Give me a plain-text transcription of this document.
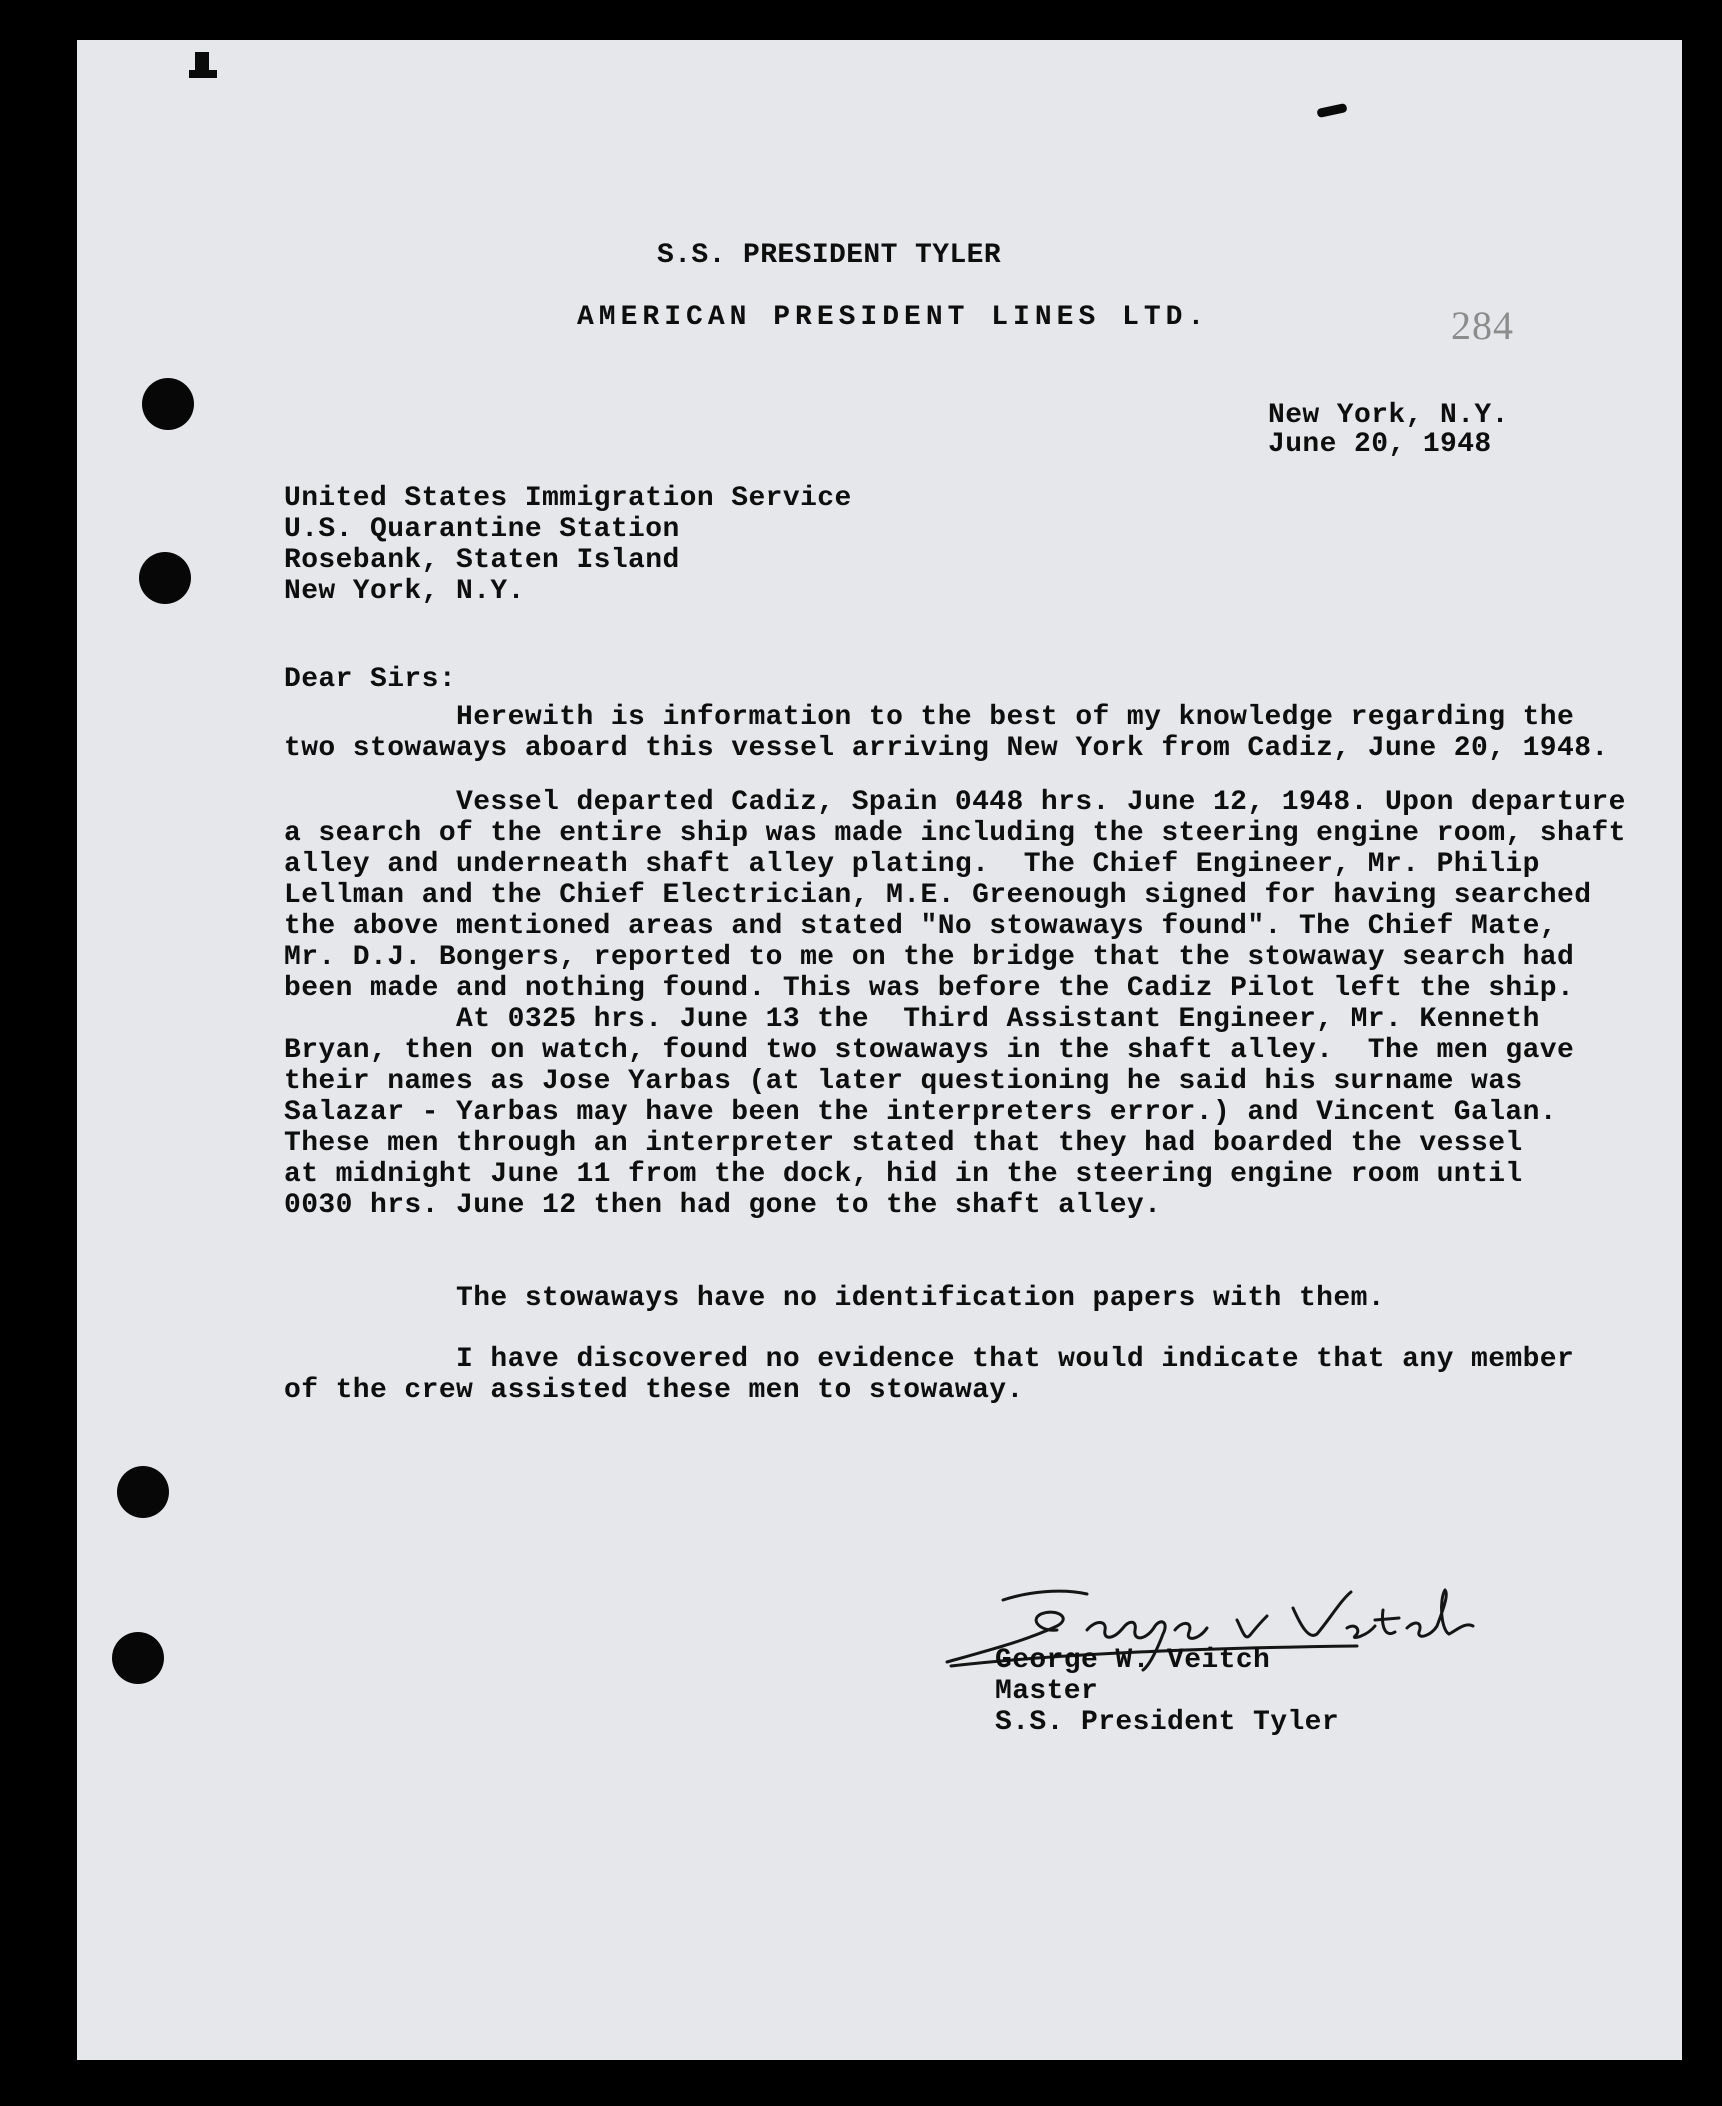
284
S.S. PRESIDENT TYLER
AMERICAN PRESIDENT LINES LTD.
New York, N.Y.
June 20, 1948
United States Immigration Service
U.S. Quarantine Station
Rosebank, Staten Island
New York, N.Y.
Dear Sirs:
Herewith is information to the best of my knowledge regarding the
two stowaways aboard this vessel arriving New York from Cadiz, June 20, 1948.
Vessel departed Cadiz, Spain 0448 hrs. June 12, 1948. Upon departure
a search of the entire ship was made including the steering engine room, shaft
alley and underneath shaft alley plating.  The Chief Engineer, Mr. Philip
Lellman and the Chief Electrician, M.E. Greenough signed for having searched
the above mentioned areas and stated "No stowaways found". The Chief Mate,
Mr. D.J. Bongers, reported to me on the bridge that the stowaway search had
been made and nothing found. This was before the Cadiz Pilot left the ship.
At 0325 hrs. June 13 the  Third Assistant Engineer, Mr. Kenneth
Bryan, then on watch, found two stowaways in the shaft alley.  The men gave
their names as Jose Yarbas (at later questioning he said his surname was
Salazar - Yarbas may have been the interpreters error.) and Vincent Galan.
These men through an interpreter stated that they had boarded the vessel
at midnight June 11 from the dock, hid in the steering engine room until
0030 hrs. June 12 then had gone to the shaft alley.
The stowaways have no identification papers with them.
I have discovered no evidence that would indicate that any member
of the crew assisted these men to stowaway.
George W. Veitch
Master
S.S. President Tyler
